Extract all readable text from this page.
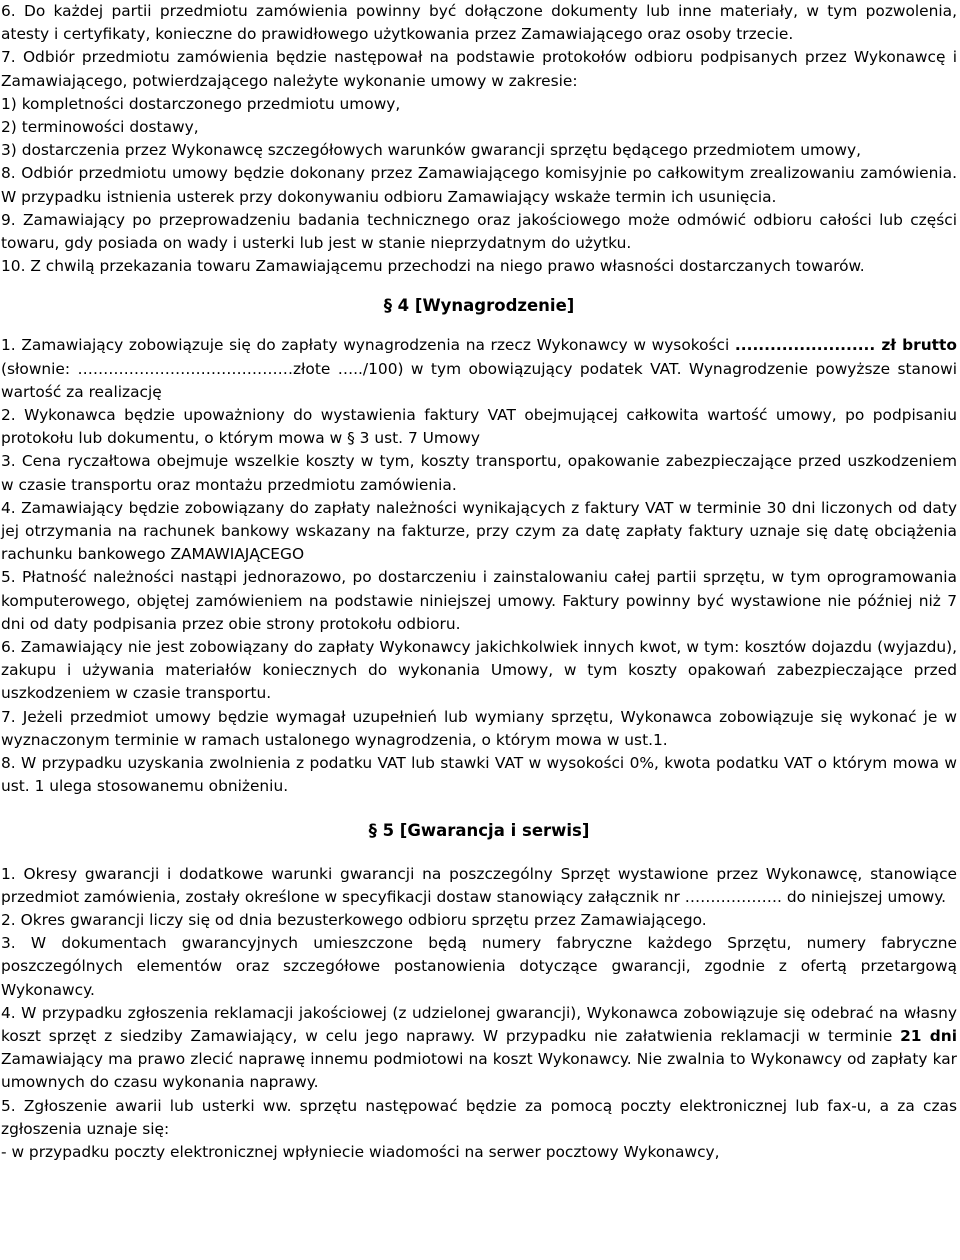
6. Do każdej partii przedmiotu zamówienia powinny być dołączone dokumenty lub inne materiały, w tym pozwolenia, atesty i certyfikaty, konieczne do prawidłowego użytkowania przez Zamawiającego oraz osoby trzecie.

7. Odbiór przedmiotu zamówienia będzie następował na podstawie protokołów odbioru podpisanych przez Wykonawcę i Zamawiającego, potwierdzającego należyte wykonanie umowy w zakresie:

1) kompletności dostarczonego przedmiotu umowy,

2) terminowości dostawy,

3) dostarczenia przez Wykonawcę szczegółowych warunków gwarancji sprzętu będącego przedmiotem umowy,

8. Odbiór przedmiotu umowy będzie dokonany przez Zamawiającego komisyjnie po całkowitym zrealizowaniu zamówienia. W przypadku istnienia usterek przy dokonywaniu odbioru Zamawiający wskaże termin ich usunięcia.

9. Zamawiający po przeprowadzeniu badania technicznego oraz jakościowego może odmówić odbioru całości lub części towaru, gdy posiada on wady i usterki lub jest w stanie nieprzydatnym do użytku.

10. Z chwilą przekazania towaru Zamawiającemu przechodzi na niego prawo własności dostarczanych towarów.

§ 4 [Wynagrodzenie]

1. Zamawiający zobowiązuje się do zapłaty wynagrodzenia na rzecz Wykonawcy w wysokości ........................ zł brutto (słownie: ……………………………………złote …../100) w tym obowiązujący podatek VAT. Wynagrodzenie powyższe stanowi wartość za realizację

2. Wykonawca będzie upoważniony do wystawienia faktury VAT obejmującej całkowita wartość umowy, po podpisaniu protokołu lub dokumentu, o którym mowa w § 3 ust. 7 Umowy

3. Cena ryczałtowa obejmuje wszelkie koszty w tym, koszty transportu, opakowanie zabezpieczające przed uszkodzeniem w czasie transportu oraz montażu przedmiotu zamówienia.

4. Zamawiający będzie zobowiązany do zapłaty należności wynikających z faktury VAT w terminie 30 dni liczonych od daty jej otrzymania na rachunek bankowy wskazany na fakturze, przy czym za datę zapłaty faktury uznaje się datę obciążenia rachunku bankowego ZAMAWIAJĄCEGO

5. Płatność należności nastąpi jednorazowo, po dostarczeniu i zainstalowaniu całej partii sprzętu, w tym oprogramowania komputerowego, objętej zamówieniem na podstawie niniejszej umowy. Faktury powinny być wystawione nie później niż 7 dni od daty podpisania przez obie strony protokołu odbioru.

6. Zamawiający nie jest zobowiązany do zapłaty Wykonawcy jakichkolwiek innych kwot, w tym: kosztów dojazdu (wyjazdu), zakupu i używania materiałów koniecznych do wykonania Umowy, w tym koszty opakowań zabezpieczające przed uszkodzeniem w czasie transportu.

7. Jeżeli przedmiot umowy będzie wymagał uzupełnień lub wymiany sprzętu, Wykonawca zobowiązuje się wykonać je w wyznaczonym terminie w ramach ustalonego wynagrodzenia, o którym mowa w ust.1.

8. W przypadku uzyskania zwolnienia z podatku VAT lub stawki VAT w wysokości 0%, kwota podatku VAT o którym mowa w ust. 1 ulega stosowanemu obniżeniu.

§ 5 [Gwarancja i serwis]

1. Okresy gwarancji i dodatkowe warunki gwarancji na poszczególny Sprzęt wystawione przez Wykonawcę, stanowiące przedmiot zamówienia, zostały określone w specyfikacji dostaw stanowiący załącznik nr ………………. do niniejszej umowy.

2. Okres gwarancji liczy się od dnia bezusterkowego odbioru sprzętu przez Zamawiającego.

3. W dokumentach gwarancyjnych umieszczone będą numery fabryczne każdego Sprzętu, numery fabryczne poszczególnych elementów oraz szczegółowe postanowienia dotyczące gwarancji, zgodnie z ofertą przetargową Wykonawcy.

4. W przypadku zgłoszenia reklamacji jakościowej (z udzielonej gwarancji), Wykonawca zobowiązuje się odebrać na własny koszt sprzęt z siedziby Zamawiający, w celu jego naprawy. W przypadku nie załatwienia reklamacji w terminie 21 dni Zamawiający ma prawo zlecić naprawę innemu podmiotowi na koszt Wykonawcy. Nie zwalnia to Wykonawcy od zapłaty kar umownych do czasu wykonania naprawy.

5. Zgłoszenie awarii lub usterki ww. sprzętu następować będzie za pomocą poczty elektronicznej lub fax-u, a za czas zgłoszenia uznaje się:

- w przypadku poczty elektronicznej wpłyniecie wiadomości na serwer pocztowy Wykonawcy,
